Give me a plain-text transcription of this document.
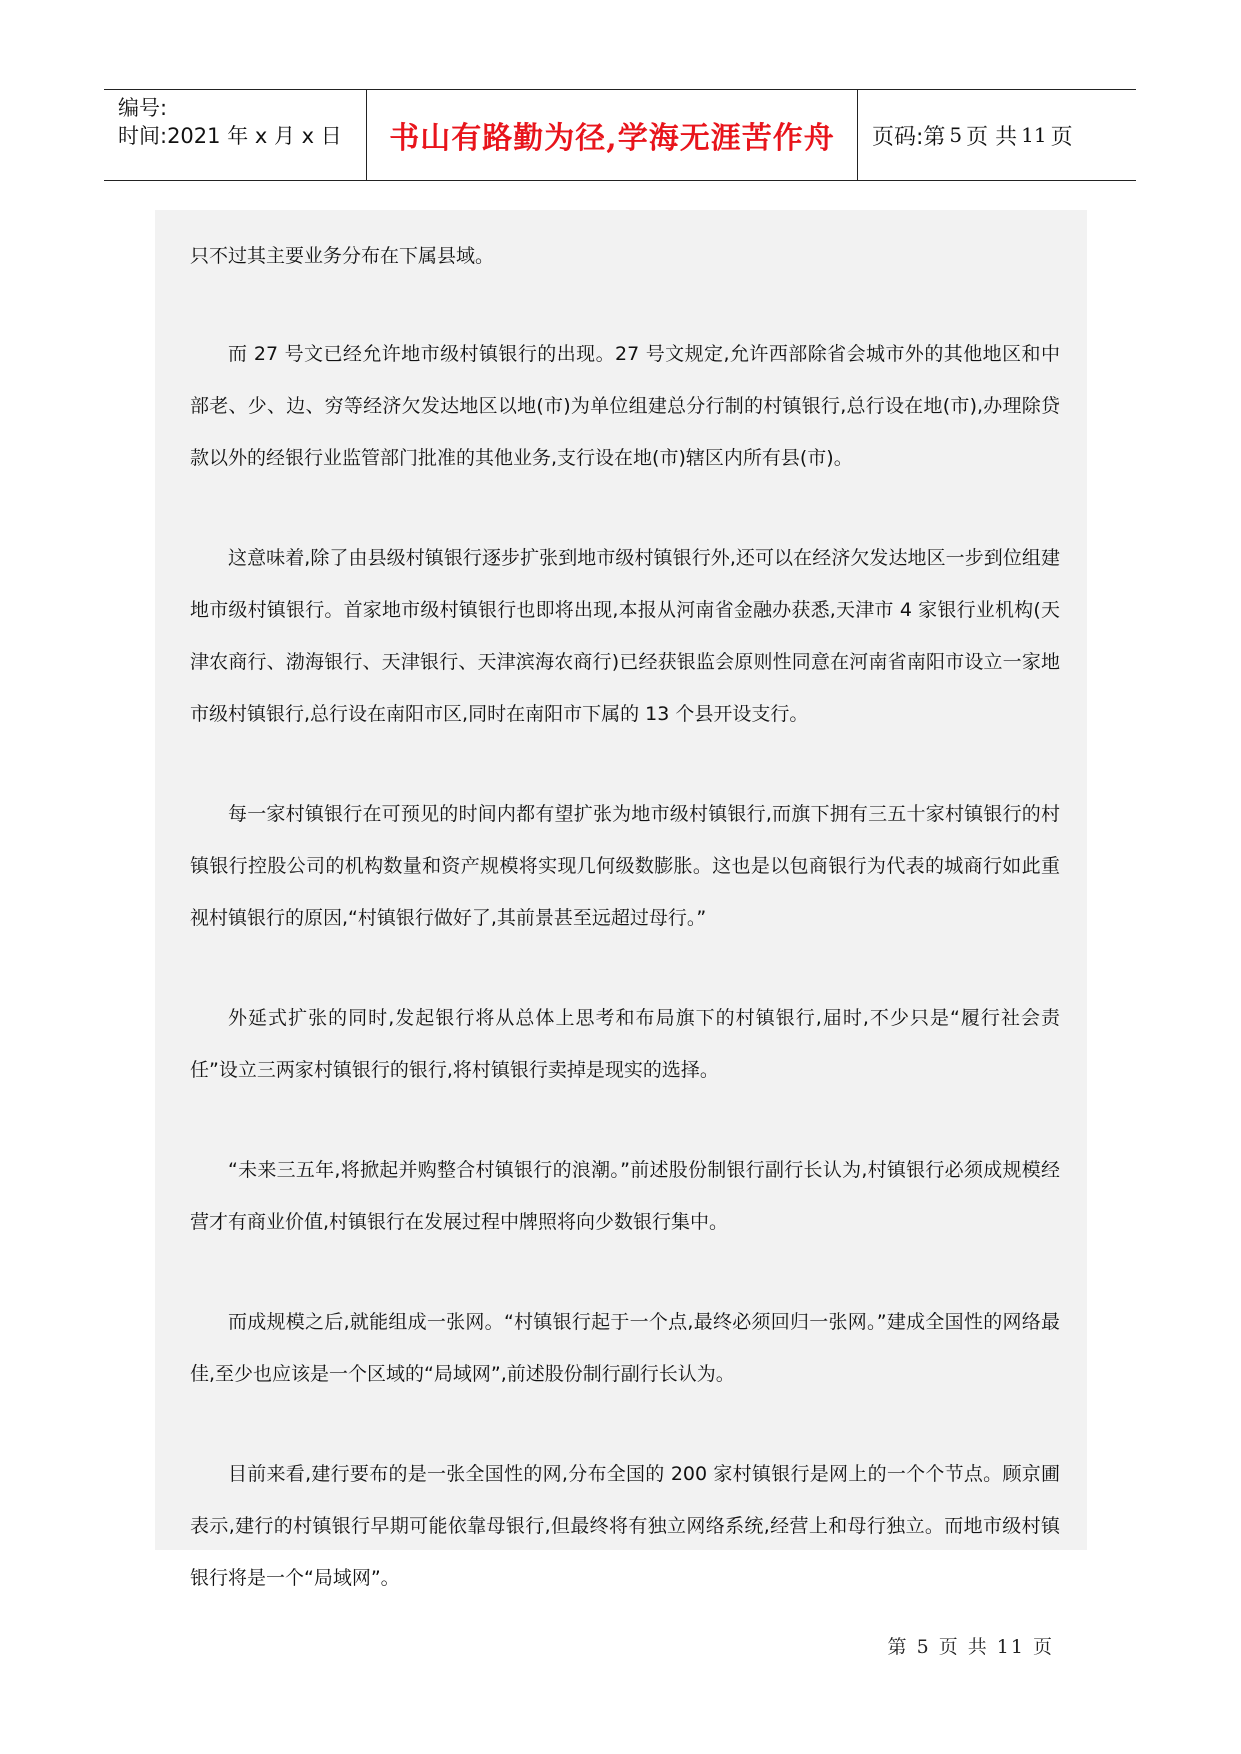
编号:
时间:2021 年 x 月 x 日	书山有路勤为径,学海无涯苦作舟 页码:第 5 页 共 11 页

只不过其主要业务分布在下属县域。

而 27 号文已经允许地市级村镇银行的出现。27 号文规定,允许西部除省会城市外的其他地区和中部老、少、边、穷等经济欠发达地区以地(市)为单位组建总分行制的村镇银行,总行设在地(市),办理除贷款以外的经银行业监管部门批准的其他业务,支行设在地(市)辖区内所有县(市)。

这意味着,除了由县级村镇银行逐步扩张到地市级村镇银行外,还可以在经济欠发达地区一步到位组建地市级村镇银行。首家地市级村镇银行也即将出现,本报从河南省金融办获悉,天津市 4 家银行业机构(天津农商行、渤海银行、天津银行、天津滨海农商行)已经获银监会原则性同意在河南省南阳市设立一家地市级村镇银行,总行设在南阳市区,同时在南阳市下属的 13 个县开设支行。

每一家村镇银行在可预见的时间内都有望扩张为地市级村镇银行,而旗下拥有三五十家村镇银行的村镇银行控股公司的机构数量和资产规模将实现几何级数膨胀。这也是以包商银行为代表的城商行如此重视村镇银行的原因,“村镇银行做好了,其前景甚至远超过母行。”

外延式扩张的同时,发起银行将从总体上思考和布局旗下的村镇银行,届时,不少只是“履行社会责任”设立三两家村镇银行的银行,将村镇银行卖掉是现实的选择。

“未来三五年,将掀起并购整合村镇银行的浪潮。”前述股份制银行副行长认为,村镇银行必须成规模经营才有商业价值,村镇银行在发展过程中牌照将向少数银行集中。

而成规模之后,就能组成一张网。“村镇银行起于一个点,最终必须回归一张网。”建成全国性的网络最佳,至少也应该是一个区域的“局域网”,前述股份制行副行长认为。

目前来看,建行要布的是一张全国性的网,分布全国的 200 家村镇银行是网上的一个个节点。顾京圃表示,建行的村镇银行早期可能依靠母银行,但最终将有独立网络系统,经营上和母行独立。而地市级村镇银行将是一个“局域网”。

第 5 页 共 11 页
